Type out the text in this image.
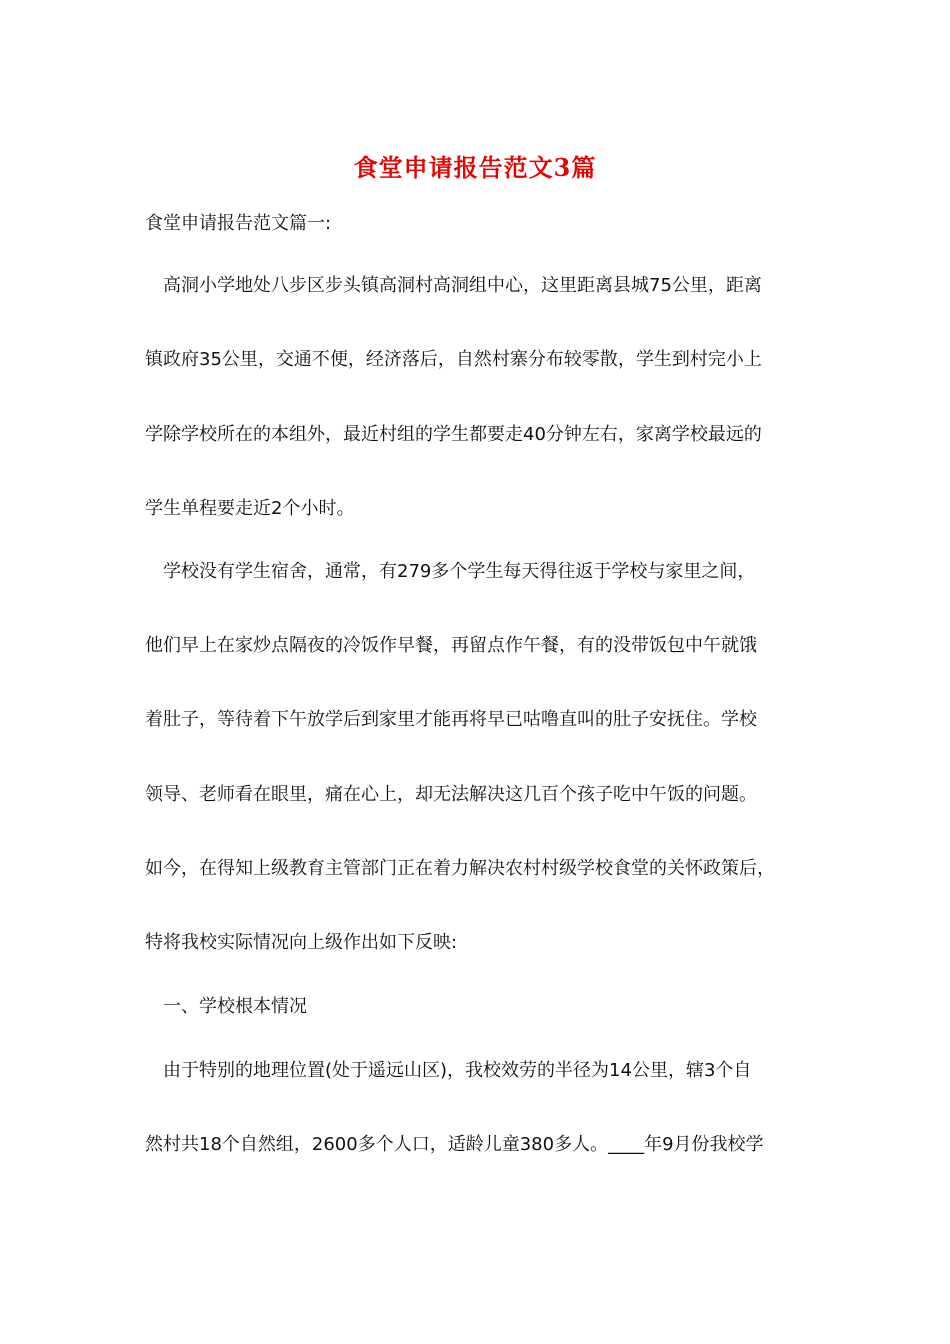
食堂申请报告范文3篇
食堂申请报告范文篇一:
　高洞小学地处八步区步头镇高洞村高洞组中心，这里距离县城75公里，距离
镇政府35公里，交通不便，经济落后，自然村寨分布较零散，学生到村完小上
学除学校所在的本组外，最近村组的学生都要走40分钟左右，家离学校最远的
学生单程要走近2个小时。
　学校没有学生宿舍，通常，有279多个学生每天得往返于学校与家里之间，
他们早上在家炒点隔夜的冷饭作早餐，再留点作午餐，有的没带饭包中午就饿
着肚子，等待着下午放学后到家里才能再将早已咕噜直叫的肚子安抚住。学校
领导、老师看在眼里，痛在心上，却无法解决这几百个孩子吃中午饭的问题。
如今，在得知上级教育主管部门正在着力解决农村村级学校食堂的关怀政策后，
特将我校实际情况向上级作出如下反映:
　一、学校根本情况
　由于特别的地理位置(处于遥远山区)，我校效劳的半径为14公里，辖3个自
然村共18个自然组，2600多个人口，适龄儿童380多人。____年9月份我校学
